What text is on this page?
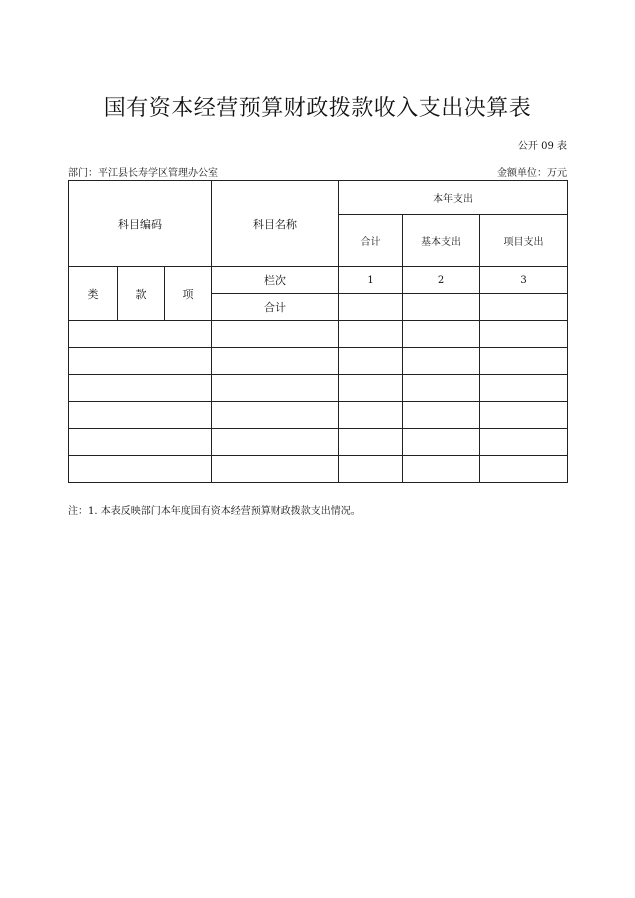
国有资本经营预算财政拨款收入支出决算表
公开 09 表
部门：平江县长寿学区管理办公室	金额单位：万元
科目编码			科目名称	本年支出		
				合计	基本支出	项目支出
类	款	项	栏次	1	2	3
			合计			

注：1. 本表反映部门本年度国有资本经营预算财政拨款支出情况。
